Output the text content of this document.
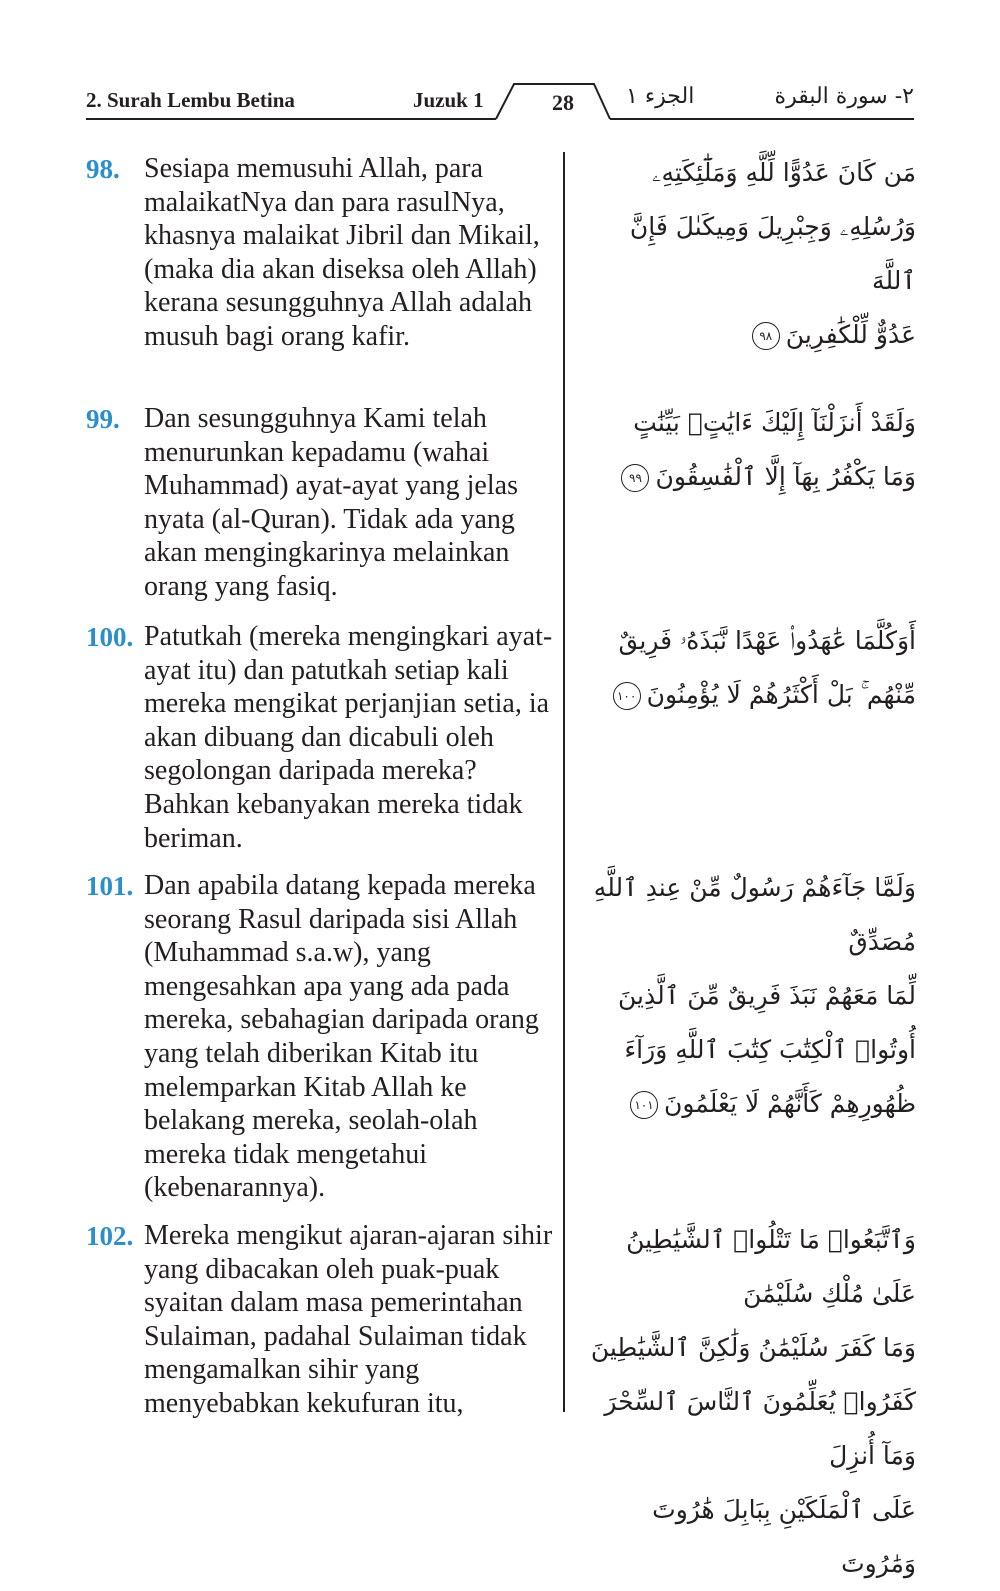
2. Surah Lembu Betina	Juzuk 1	28	الجزء ١	٢- سورة البقرة
98. Sesiapa memusuhi Allah, para malaikatNya dan para rasulNya, khasnya malaikat Jibril dan Mikail, (maka dia akan diseksa oleh Allah) kerana sesungguhnya Allah adalah musuh bagi orang kafir.
مَن كَانَ عَدُوًّا لِّلَّهِ وَمَلَٰٓئِكَتِهِۦ
وَرُسُلِهِۦ وَجِبْرِيلَ وَمِيكَىٰلَ فَإِنَّ ٱللَّهَ
عَدُوٌّ لِّلْكَٰفِرِينَ٩٨
99. Dan sesungguhnya Kami telah menurunkan kepadamu (wahai Muhammad) ayat-ayat yang jelas nyata (al-Quran). Tidak ada yang akan mengingkarinya melainkan orang yang fasiq.
وَلَقَدْ أَنزَلْنَآ إِلَيْكَ ءَايَٰتٍۭ بَيِّنَٰتٍ
وَمَا يَكْفُرُ بِهَآ إِلَّا ٱلْفَٰسِقُونَ٩٩
100. Patutkah (mereka mengingkari ayat-ayat itu) dan patutkah setiap kali mereka mengikat perjanjian setia, ia akan dibuang dan dicabuli oleh segolongan daripada mereka? Bahkan kebanyakan mereka tidak beriman.
أَوَكُلَّمَا عَٰهَدُوا۟ عَهْدًا نَّبَذَهُۥ فَرِيقٌ
مِّنْهُم ۚ بَلْ أَكْثَرُهُمْ لَا يُؤْمِنُونَ١٠٠
101. Dan apabila datang kepada mereka seorang Rasul daripada sisi Allah (Muhammad s.a.w), yang mengesahkan apa yang ada pada mereka, sebahagian daripada orang yang telah diberikan Kitab itu melemparkan Kitab Allah ke belakang mereka, seolah-olah mereka tidak mengetahui (kebenarannya).
وَلَمَّا جَآءَهُمْ رَسُولٌ مِّنْ عِندِ ٱللَّهِ مُصَدِّقٌ
لِّمَا مَعَهُمْ نَبَذَ فَرِيقٌ مِّنَ ٱلَّذِينَ
أُوتُوا۟ ٱلْكِتَٰبَ كِتَٰبَ ٱللَّهِ وَرَآءَ
ظُهُورِهِمْ كَأَنَّهُمْ لَا يَعْلَمُونَ١٠١
102. Mereka mengikut ajaran-ajaran sihir yang dibacakan oleh puak-puak syaitan dalam masa pemerintahan Sulaiman, padahal Sulaiman tidak mengamalkan sihir yang menyebabkan kekufuran itu,
وَٱتَّبَعُوا۟ مَا تَتْلُوا۟ ٱلشَّيَٰطِينُ عَلَىٰ مُلْكِ سُلَيْمَٰنَ
وَمَا كَفَرَ سُلَيْمَٰنُ وَلَٰكِنَّ ٱلشَّيَٰطِينَ
كَفَرُوا۟ يُعَلِّمُونَ ٱلنَّاسَ ٱلسِّحْرَ وَمَآ أُنزِلَ
عَلَى ٱلْمَلَكَيْنِ بِبَابِلَ هَٰرُوتَ وَمَٰرُوتَ
